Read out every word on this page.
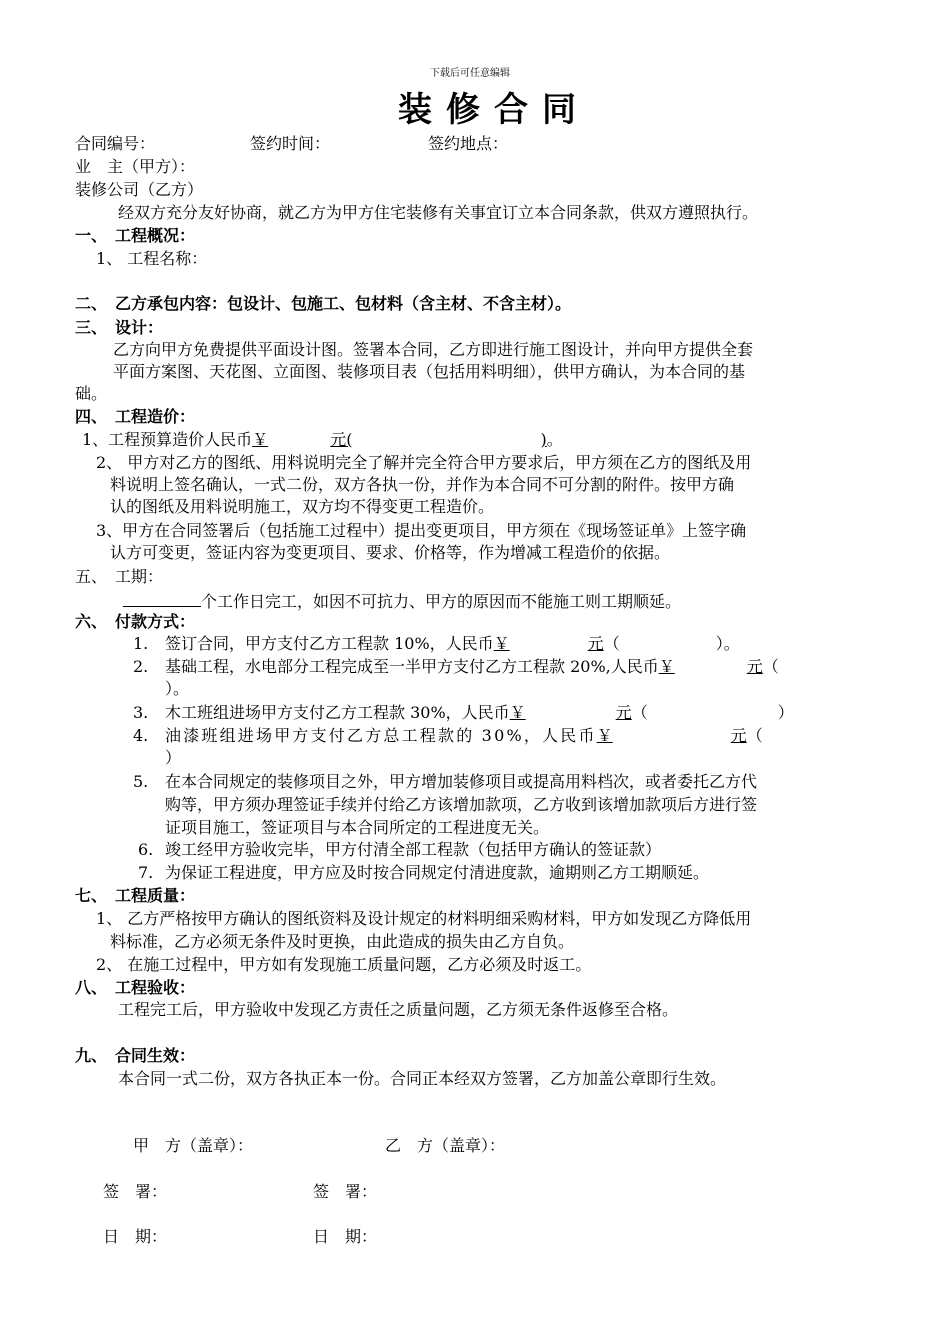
下载后可任意编辑
装修合同
合同编号：	签约时间：	签约地点：
业　主（甲方）：
装修公司（乙方）
经双方充分友好协商，就乙方为甲方住宅装修有关事宜订立本合同条款，供双方遵照执行。
一、　工程概况：
1、 工程名称：
二、　乙方承包内容：包设计、包施工、包材料（含主材、不含主材）。
三、　设计：
乙方向甲方免费提供平面设计图。签署本合同，乙方即进行施工图设计，并向甲方提供全套
平面方案图、天花图、立面图、装修项目表（包括用料明细），供甲方确认，为本合同的基
础。
四、　工程造价：
1、工程预算造价人民币￥	元(	)。
2、 甲方对乙方的图纸、用料说明完全了解并完全符合甲方要求后，甲方须在乙方的图纸及用
料说明上签名确认，一式二份，双方各执一份，并作为本合同不可分割的附件。按甲方确
认的图纸及用料说明施工，双方均不得变更工程造价。
3、甲方在合同签署后（包括施工过程中）提出变更项目，甲方须在《现场签证单》上签字确
认方可变更，签证内容为变更项目、要求、价格等，作为增减工程造价的依据。
五、　工期：
个工作日完工，如因不可抗力、甲方的原因而不能施工则工期顺延。
六、　付款方式：
1. 签订合同，甲方支付乙方工程款 10%，人民币￥	元（	）。
2. 基础工程，水电部分工程完成至一半甲方支付乙方工程款 20%,人民币￥	元（
）。
3. 木工班组进场甲方支付乙方工程款 30%，人民币￥	元（	）
4. 油漆班组进场甲方支付乙方总工程款的 30%，人民币￥	元（
）
5. 在本合同规定的装修项目之外，甲方增加装修项目或提高用料档次，或者委托乙方代
购等，甲方须办理签证手续并付给乙方该增加款项，乙方收到该增加款项后方进行签
证项目施工，签证项目与本合同所定的工程进度无关。
6. 竣工经甲方验收完毕，甲方付清全部工程款（包括甲方确认的签证款）
7. 为保证工程进度，甲方应及时按合同规定付清进度款，逾期则乙方工期顺延。
七、　工程质量：
1、 乙方严格按甲方确认的图纸资料及设计规定的材料明细采购材料，甲方如发现乙方降低用
料标准，乙方必须无条件及时更换，由此造成的损失由乙方自负。
2、 在施工过程中，甲方如有发现施工质量问题，乙方必须及时返工。
八、　工程验收：
工程完工后，甲方验收中发现乙方责任之质量问题，乙方须无条件返修至合格。
九、　合同生效：
本合同一式二份，双方各执正本一份。合同正本经双方签署，乙方加盖公章即行生效。
甲　方（盖章）：	乙　方（盖章）：
签　署：	签　署：
日　期：	日　期：
